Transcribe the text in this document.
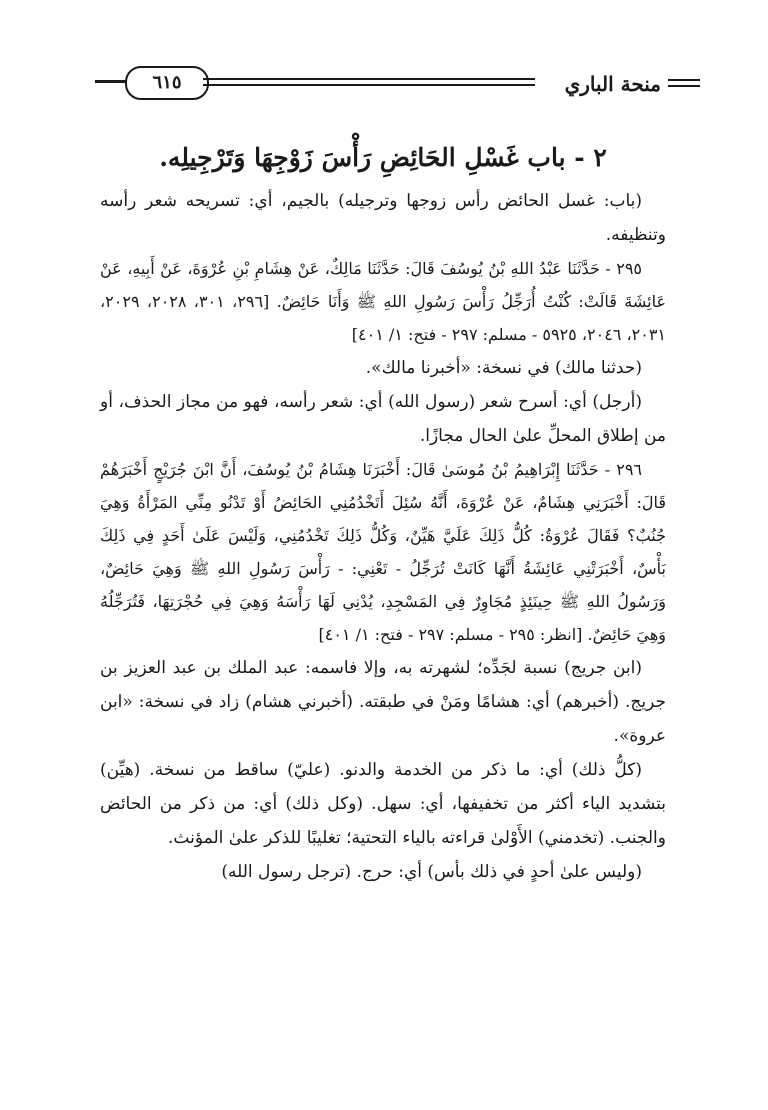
منحة الباري
٦١٥
٢ - باب غَسْلِ الحَائِضِ رَأْسَ زَوْجِهَا وَتَرْجِيلِه.

(باب: غسل الحائض رأس زوجها وترجيله) بالجيم، أي: تسريحه شعر رأسه وتنظيفه.

٢٩٥ - حَدَّثَنَا عَبْدُ اللهِ بْنُ يُوسُفَ قَالَ: حَدَّثَنَا مَالِكٌ، عَنْ هِشَامِ بْنِ عُرْوَةَ، عَنْ أَبِيهِ، عَنْ عَائِشَةَ قَالَتْ: كُنْتُ أُرَجِّلُ رَأْسَ رَسُولِ اللهِ ﷺ وَأَنَا حَائِضٌ. [٢٩٦، ٣٠١، ٢٠٢٨، ٢٠٢٩، ٢٠٣١، ٢٠٤٦، ٥٩٢٥ - مسلم: ٢٩٧ - فتح: ١/ ٤٠١]

(حدثنا مالك) في نسخة: «أخبرنا مالك».

(أرجل) أي: أسرح شعر (رسول الله) أي: شعر رأسه، فهو من مجاز الحذف، أو من إطلاق المحلِّ علىٰ الحال مجازًا.

٢٩٦ - حَدَّثَنَا إِبْرَاهِيمُ بْنُ مُوسَىٰ قَالَ: أَخْبَرَنَا هِشَامُ بْنُ يُوسُفَ، أَنَّ ابْنَ جُرَيْجٍ أَخْبَرَهُمْ قَالَ: أَخْبَرَنِي هِشَامٌ، عَنْ عُرْوَةَ، أَنَّهُ سُئِلَ أَتَخْدُمُنِي الحَائِضُ أَوْ تَدْنُو مِنِّي المَرْأَةُ وَهِيَ جُنُبٌ؟ فَقَالَ عُرْوَةُ: كُلُّ ذَلِكَ عَلَيَّ هَيِّنٌ، وَكُلُّ ذَلِكَ تَخْدُمُنِي، وَلَيْسَ عَلَىٰ أَحَدٍ فِي ذَلِكَ بَأْسٌ، أَخْبَرَتْنِي عَائِشَةُ أَنَّهَا كَانَتْ تُرَجِّلُ - تَعْنِي: - رَأْسَ رَسُولِ اللهِ ﷺ وَهِيَ حَائِضٌ، وَرَسُولُ اللهِ ﷺ حِينَئِذٍ مُجَاوِرٌ فِي المَسْجِدِ، يُدْنِي لَهَا رَأْسَهُ وَهِيَ فِي حُجْرَتِهَا، فَتُرَجِّلُهُ وَهِيَ حَائِضٌ. [انظر: ٢٩٥ - مسلم: ٢٩٧ - فتح: ١/ ٤٠١]

(ابن جريج) نسبة لجَدِّه؛ لشهرته به، وإلا فاسمه: عبد الملك بن عبد العزيز بن جريج. (أخبرهم) أي: هشامًا ومَنْ في طبقته. (أخبرني هشام) زاد في نسخة: «ابن عروة».

(كلُّ ذلك) أي: ما ذكر من الخدمة والدنو. (عليّ) ساقط من نسخة. (هيِّن) بتشديد الياء أكثر من تخفيفها، أي: سهل. (وكل ذلك) أي: من ذكر من الحائض والجنب. (تخدمني) الأَوْلىٰ قراءته بالياء التحتية؛ تغليبًا للذكر علىٰ المؤنث.

(وليس علىٰ أحدٍ في ذلك بأس) أي: حرج. (ترجل رسول الله)
